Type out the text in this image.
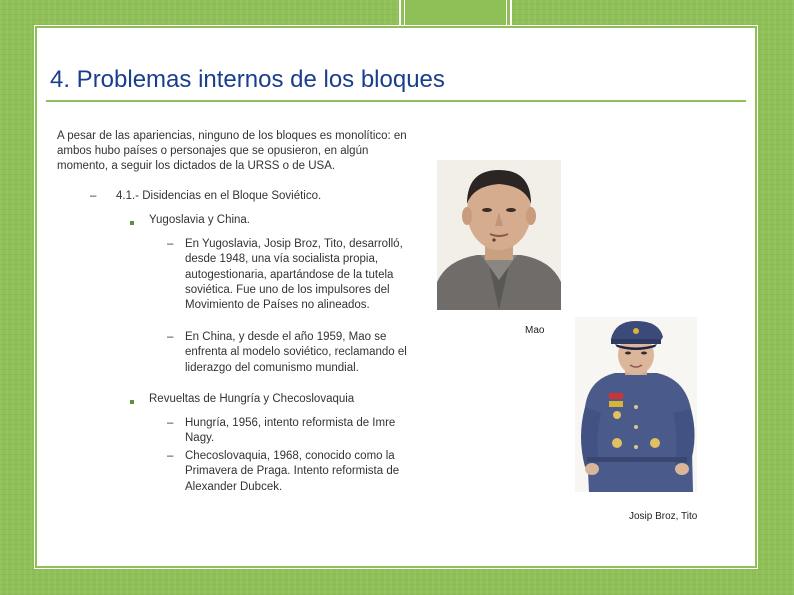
4. Problemas internos de los bloques

A pesar de las apariencias, ninguno de los bloques es monolítico: en ambos hubo países o personajes que se opusieron, en algún momento, a seguir los dictados de la URSS o de USA.

– 4.1.- Disidencias en el Bloque Soviético.
Yugoslavia y China.
– En Yugoslavia, Josip Broz, Tito, desarrolló, desde 1948, una vía socialista propia, autogestionaria, apartándose de la tutela soviética. Fue uno de los impulsores del Movimiento de Países no alineados.
– En China, y desde el año 1959, Mao se enfrenta al modelo soviético, reclamando el liderazgo del comunismo mundial.
Revueltas de Hungría y Checoslovaquia
– Hungría, 1956, intento reformista de Imre Nagy.
– Checoslovaquia, 1968, conocido como la Primavera de Praga. Intento reformista de Alexander Dubcek.
Mao
Josip Broz, Tito
